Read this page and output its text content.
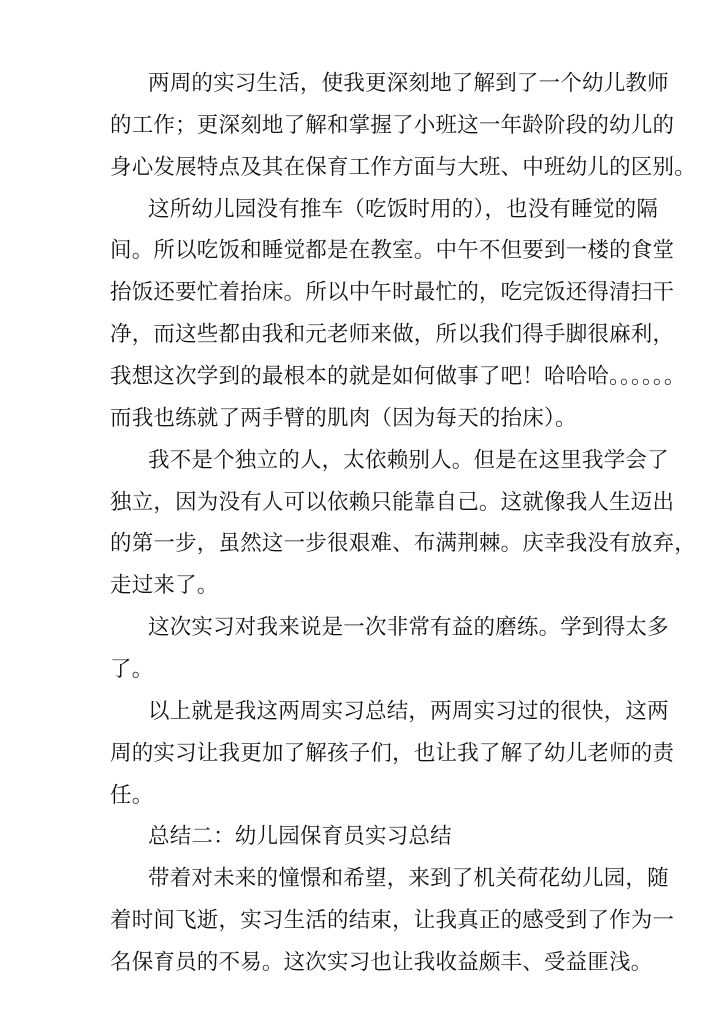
两周的实习生活，使我更深刻地了解到了一个幼儿教师
的工作；更深刻地了解和掌握了小班这一年龄阶段的幼儿的
身心发展特点及其在保育工作方面与大班、中班幼儿的区别。
这所幼儿园没有推车（吃饭时用的），也没有睡觉的隔
间。所以吃饭和睡觉都是在教室。中午不但要到一楼的食堂
抬饭还要忙着抬床。所以中午时最忙的，吃完饭还得清扫干
净，而这些都由我和元老师来做，所以我们得手脚很麻利，
我想这次学到的最根本的就是如何做事了吧！哈哈哈。。。。。。
而我也练就了两手臂的肌肉（因为每天的抬床）。
我不是个独立的人，太依赖别人。但是在这里我学会了
独立，因为没有人可以依赖只能靠自己。这就像我人生迈出
的第一步，虽然这一步很艰难、布满荆棘。庆幸我没有放弃，
走过来了。
这次实习对我来说是一次非常有益的磨练。学到得太多
了。
以上就是我这两周实习总结，两周实习过的很快，这两
周的实习让我更加了解孩子们，也让我了解了幼儿老师的责
任。
总结二：幼儿园保育员实习总结
带着对未来的憧憬和希望，来到了机关荷花幼儿园，随
着时间飞逝，实习生活的结束，让我真正的感受到了作为一
名保育员的不易。这次实习也让我收益颇丰、受益匪浅。
